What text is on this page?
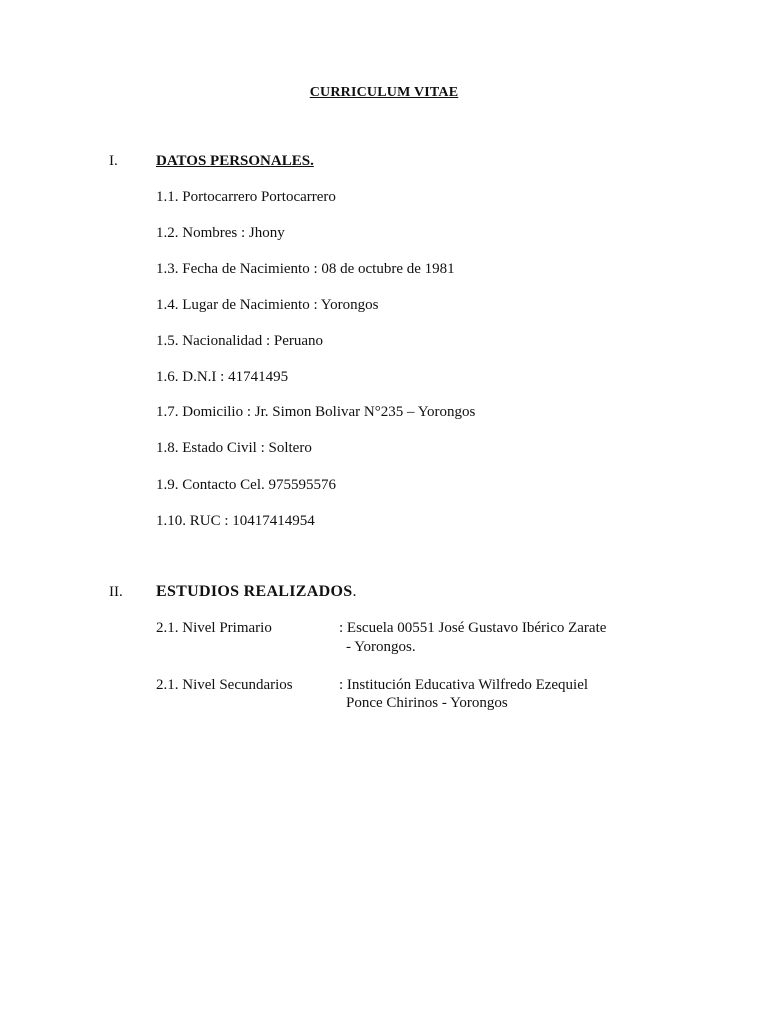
CURRICULUM VITAE
I.	DATOS PERSONALES.
1.1. Portocarrero Portocarrero
1.2. Nombres : Jhony
1.3. Fecha de Nacimiento : 08 de octubre de 1981
1.4. Lugar de Nacimiento : Yorongos
1.5. Nacionalidad : Peruano
1.6. D.N.I : 41741495
1.7. Domicilio : Jr. Simon Bolivar N°235 – Yorongos
1.8. Estado Civil : Soltero
1.9. Contacto Cel. 975595576
1.10. RUC : 10417414954
II. ESTUDIOS REALIZADOS.
2.1. Nivel Primario	: Escuela 00551 José Gustavo Ibérico Zarate
- Yorongos.
2.1. Nivel Secundarios	: Institución Educativa Wilfredo Ezequiel
Ponce Chirinos - Yorongos
